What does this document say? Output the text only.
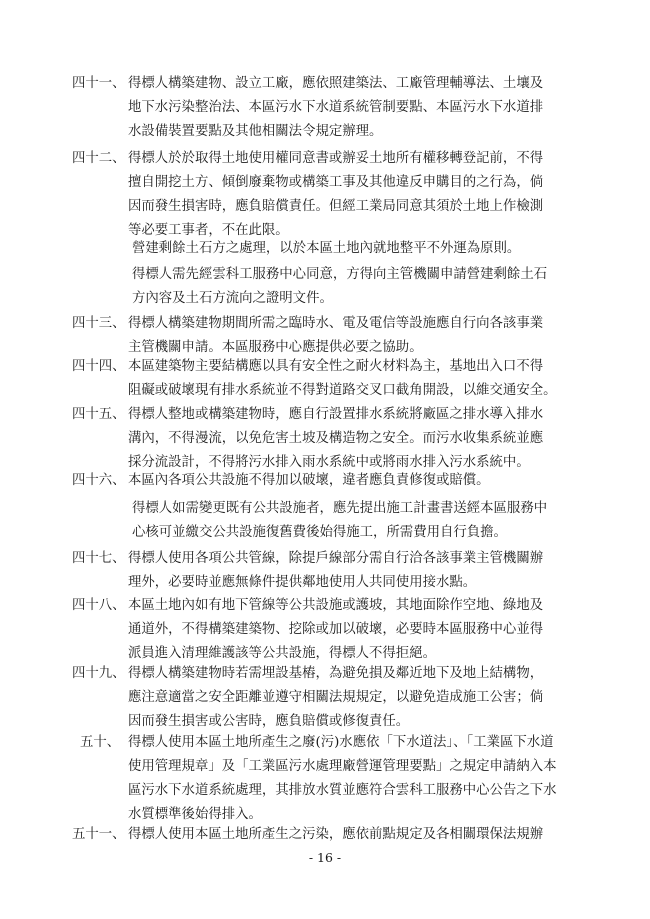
四十一、 得標人構築建物、設立工廠，應依照建築法、工廠管理輔導法、土壤及
地下水污染整治法、本區污水下水道系統管制要點、本區污水下水道排
水設備裝置要點及其他相關法令規定辦理。
四十二、 得標人於於取得土地使用權同意書或辦妥土地所有權移轉登記前，不得
擅自開挖土方、傾倒廢棄物或構築工事及其他違反申購目的之行為，倘
因而發生損害時，應負賠償責任。但經工業局同意其須於土地上作檢測
等必要工事者，不在此限。
營建剩餘土石方之處理，以於本區土地內就地整平不外運為原則。
得標人需先經雲科工服務中心同意，方得向主管機關申請營建剩餘土石
方內容及土石方流向之證明文件。
四十三、 得標人構築建物期間所需之臨時水、電及電信等設施應自行向各該事業
主管機關申請。本區服務中心應提供必要之協助。
四十四、 本區建築物主要結構應以具有安全性之耐火材料為主，基地出入口不得
阻礙或破壞現有排水系統並不得對道路交叉口截角開設，以維交通安全。
四十五、 得標人整地或構築建物時，應自行設置排水系統將廠區之排水導入排水
溝內，不得漫流，以免危害土坡及構造物之安全。而污水收集系統並應
採分流設計，不得將污水排入雨水系統中或將雨水排入污水系統中。
四十六、 本區內各項公共設施不得加以破壞，違者應負責修復或賠償。
得標人如需變更既有公共設施者，應先提出施工計畫書送經本區服務中
心核可並繳交公共設施復舊費後始得施工，所需費用自行負擔。
四十七、 得標人使用各項公共管線，除提戶線部分需自行洽各該事業主管機關辦
理外，必要時並應無條件提供鄰地使用人共同使用接水點。
四十八、 本區土地內如有地下管線等公共設施或護坡，其地面除作空地、綠地及
通道外，不得構築建築物、挖除或加以破壞，必要時本區服務中心並得
派員進入清理維護該等公共設施，得標人不得拒絕。
四十九、 得標人構築建物時若需埋設基樁，為避免損及鄰近地下及地上結構物，
應注意適當之安全距離並遵守相關法規規定，以避免造成施工公害；倘
因而發生損害或公害時，應負賠償或修復責任。
五十、 得標人使用本區土地所產生之廢(污)水應依「下水道法」、「工業區下水道
使用管理規章」及「工業區污水處理廠營運管理要點」之規定申請納入本
區污水下水道系統處理，其排放水質並應符合雲科工服務中心公告之下水
水質標準後始得排入。
五十一、 得標人使用本區土地所產生之污染，應依前點規定及各相關環保法規辦
- 16 -
